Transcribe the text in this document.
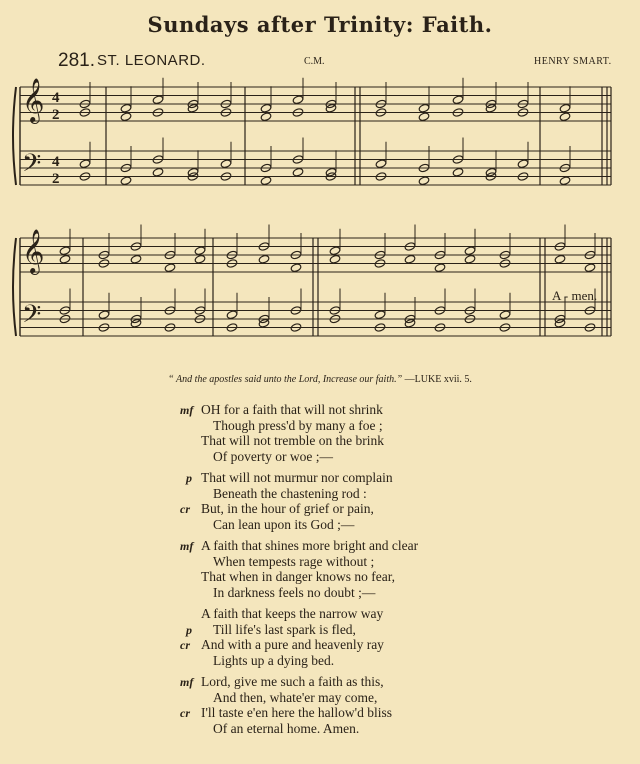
Sundays after Trinity: Faith.
281. ST. LEONARD.	C.M.	HENRY SMART.
𝄞
𝄢
𝄞
𝄢
4
2
4
2
A - men.
“ And the apostles said unto the Lord, Increase our faith.” —LUKE xvii. 5.
mf OH for a faith that will not shrink
Though press'd by many a foe ;
That will not tremble on the brink
Of poverty or woe ;—
p That will not murmur nor complain
Beneath the chastening rod :
cr But, in the hour of grief or pain,
Can lean upon its God ;—
mf A faith that shines more bright and clear
When tempests rage without ;
That when in danger knows no fear,
In darkness feels no doubt ;—
A faith that keeps the narrow way
p Till life's last spark is fled,
cr And with a pure and heavenly ray
Lights up a dying bed.
mf Lord, give me such a faith as this,
And then, whate'er may come,
cr I'll taste e'en here the hallow'd bliss
Of an eternal home. Amen.
